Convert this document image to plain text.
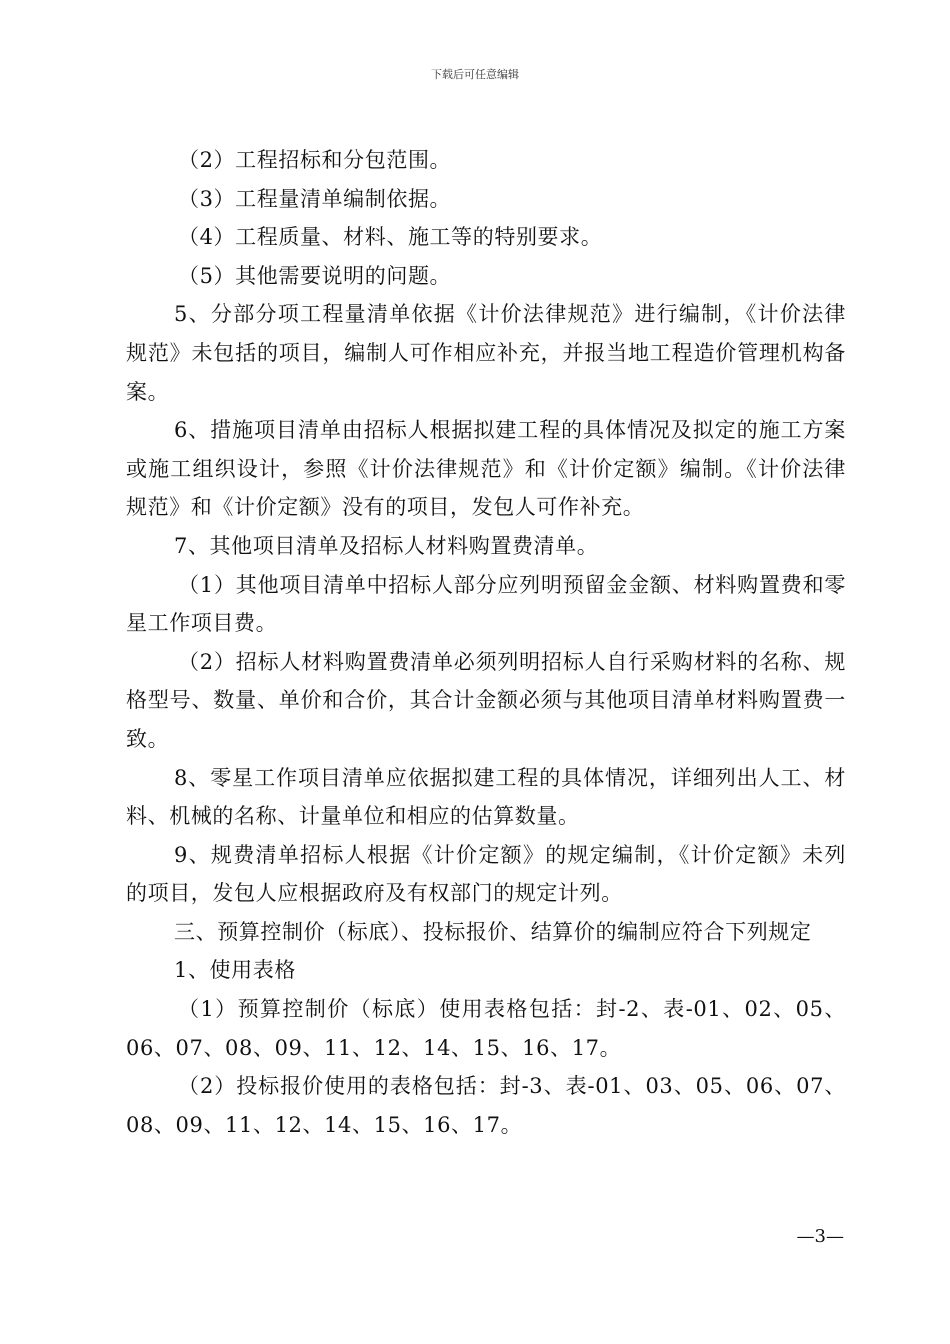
下载后可任意编辑

（2）工程招标和分包范围。

（3）工程量清单编制依据。

（4）工程质量、材料、施工等的特别要求。

（5）其他需要说明的问题。

5、分部分项工程量清单依据《计价法律规范》进行编制，《计价法律规范》未包括的项目，编制人可作相应补充，并报当地工程造价管理机构备案。

6、措施项目清单由招标人根据拟建工程的具体情况及拟定的施工方案或施工组织设计，参照《计价法律规范》和《计价定额》编制。《计价法律规范》和《计价定额》没有的项目，发包人可作补充。

7、其他项目清单及招标人材料购置费清单。

（1）其他项目清单中招标人部分应列明预留金金额、材料购置费和零星工作项目费。

（2）招标人材料购置费清单必须列明招标人自行采购材料的名称、规格型号、数量、单价和合价，其合计金额必须与其他项目清单材料购置费一致。

8、零星工作项目清单应依据拟建工程的具体情况，详细列出人工、材料、机械的名称、计量单位和相应的估算数量。

9、规费清单招标人根据《计价定额》的规定编制，《计价定额》未列的项目，发包人应根据政府及有权部门的规定计列。

三、预算控制价（标底）、投标报价、结算价的编制应符合下列规定

1、使用表格

（1）预算控制价（标底）使用表格包括：封-2、表-01、02、05、06、07、08、09、11、12、14、15、16、17。

（2）投标报价使用的表格包括：封-3、表-01、03、05、06、07、08、09、11、12、14、15、16、17。

—3—
